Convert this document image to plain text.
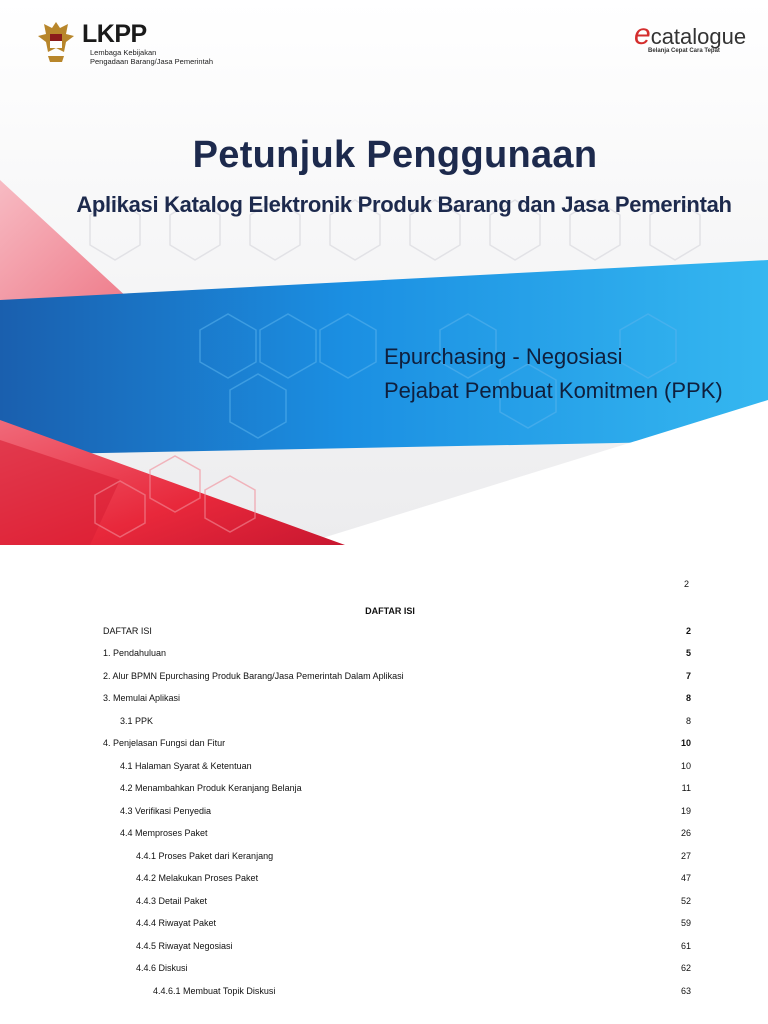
LKPP
Lembaga Kebijakan
Pengadaan Barang/Jasa Pemerintah
ecatalogue
Belanja Cepat Cara Tepat
Petunjuk Penggunaan
Aplikasi Katalog Elektronik Produk Barang dan Jasa Pemerintah
Epurchasing - Negosiasi
Pejabat Pembuat Komitmen (PPK)
2
DAFTAR ISI
DAFTAR ISI	2
1. Pendahuluan	5
2. Alur BPMN Epurchasing Produk Barang/Jasa Pemerintah Dalam Aplikasi	7
3. Memulai Aplikasi	8
3.1 PPK	8
4. Penjelasan Fungsi dan Fitur	10
4.1 Halaman Syarat & Ketentuan	10
4.2 Menambahkan Produk Keranjang Belanja	11
4.3 Verifikasi Penyedia	19
4.4 Memproses Paket	26
4.4.1 Proses Paket dari Keranjang	27
4.4.2 Melakukan Proses Paket	47
4.4.3 Detail Paket	52
4.4.4 Riwayat Paket	59
4.4.5 Riwayat Negosiasi	61
4.4.6 Diskusi	62
4.4.6.1 Membuat Topik Diskusi	63
